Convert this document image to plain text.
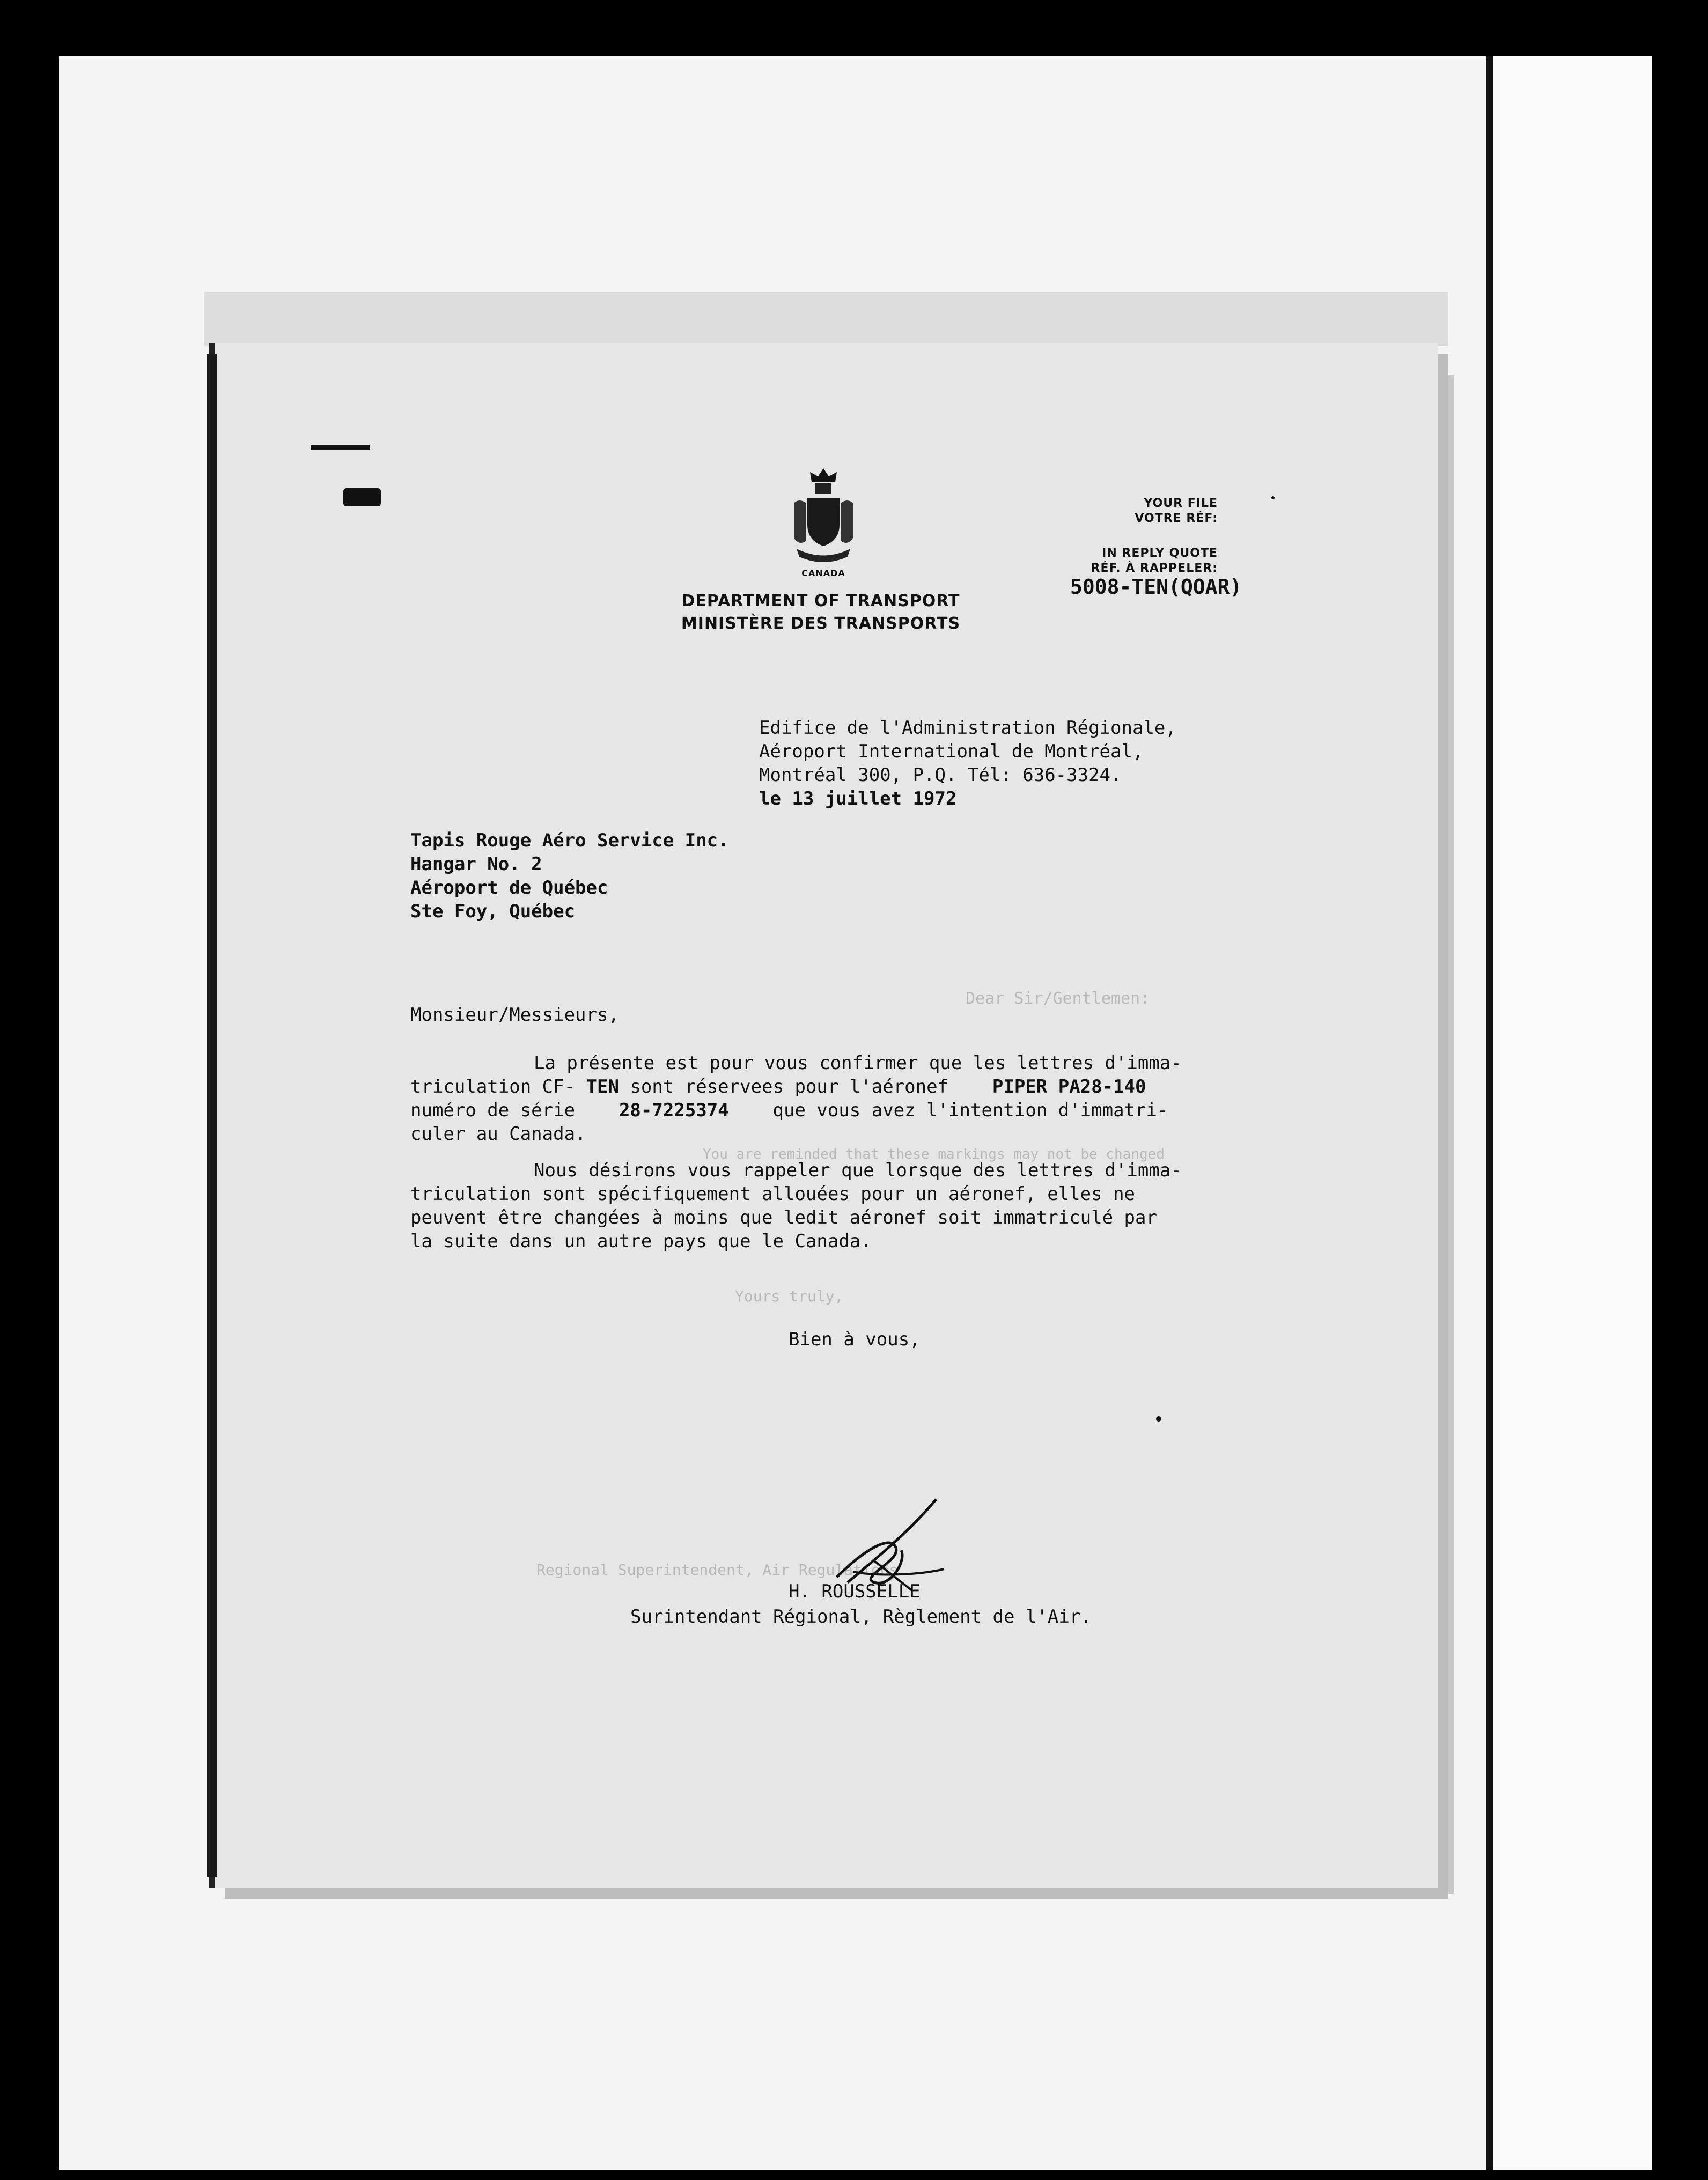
CANADA
DEPARTMENT OF TRANSPORT
MINISTÈRE DES TRANSPORTS
YOUR FILE
VOTRE RÉF:
IN REPLY QUOTE
RÉF. À RAPPELER:
5008-TEN(QOAR)
Dear Sir/Gentlemen:
You are reminded that these markings may not be changed
Yours truly,
Regional Superintendent, Air Regulations
Edifice de l'Administration Régionale,
Aéroport International de Montréal,
Montréal 300, P.Q. Tél: 636-3324.
le 13 juillet 1972
Tapis Rouge Aéro Service Inc.
Hangar No. 2
Aéroport de Québec
Ste Foy, Québec
Monsieur/Messieurs,
La présente est pour vous confirmer que les lettres d'imma-
triculation CF- TEN sont réservees pour l'aéronef    PIPER PA28-140
numéro de série    28-7225374    que vous avez l'intention d'immatri-
culer au Canada.
Nous désirons vous rappeler que lorsque des lettres d'imma-
triculation sont spécifiquement allouées pour un aéronef, elles ne
peuvent être changées à moins que ledit aéronef soit immatriculé par
la suite dans un autre pays que le Canada.
Bien à vous,
H. ROUSSELLE
Surintendant Régional, Règlement de l'Air.
